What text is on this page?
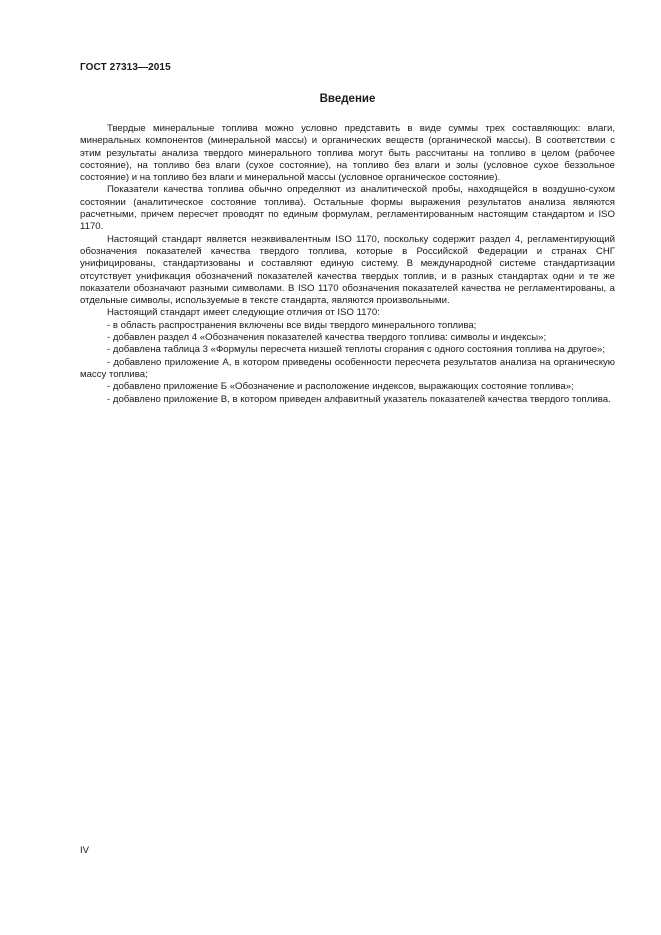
ГОСТ 27313—2015
Введение

Твердые минеральные топлива можно условно представить в виде суммы трех составляющих: влаги, минеральных компонентов (минеральной массы) и органических веществ (органической массы). В соответствии с этим результаты анализа твердого минерального топлива могут быть рассчитаны на топливо в целом (рабочее состояние), на топливо без влаги (сухое состояние), на топливо без влаги и золы (условное сухое беззольное состояние) и на топливо без влаги и минеральной массы (условное органическое состояние).

Показатели качества топлива обычно определяют из аналитической пробы, находящейся в воздушно-сухом состоянии (аналитическое состояние топлива). Остальные формы выражения результатов анализа являются расчетными, причем пересчет проводят по единым формулам, регламентированным настоящим стандартом и ISO 1170.

Настоящий стандарт является неэквивалентным ISO 1170, поскольку содержит раздел 4, регламентирующий обозначения показателей качества твердого топлива, которые в Российской Федерации и странах СНГ унифицированы, стандартизованы и составляют единую систему. В международной системе стандартизации отсутствует унификация обозначений показателей качества твердых топлив, и в разных стандартах одни и те же показатели обозначают разными символами. В ISO 1170 обозначения показателей качества не регламентированы, а отдельные символы, используемые в тексте стандарта, являются произвольными.

Настоящий стандарт имеет следующие отличия от ISO 1170:

- в область распространения включены все виды твердого минерального топлива;

- добавлен раздел 4 «Обозначения показателей качества твердого топлива: символы и индексы»;

- добавлена таблица 3 «Формулы пересчета низшей теплоты сгорания с одного состояния топлива на другое»;

- добавлено приложение А, в котором приведены особенности пересчета результатов анализа на органическую массу топлива;

- добавлено приложение Б «Обозначение и расположение индексов, выражающих состояние топлива»;

- добавлено приложение В, в котором приведен алфавитный указатель показателей качества твердого топлива.

IV
